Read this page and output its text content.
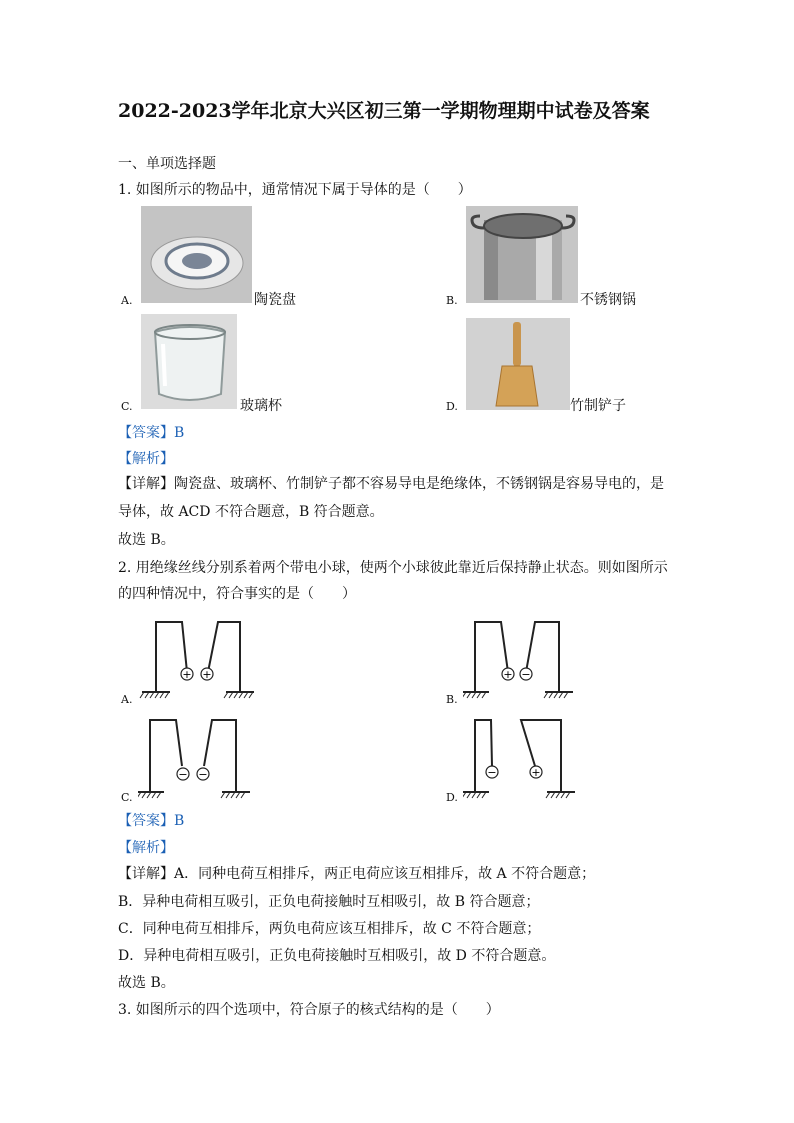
2022-2023学年北京大兴区初三第一学期物理期中试卷及答案
一、单项选择题
1. 如图所示的物品中，通常情况下属于导体的是（　　）
A.	陶瓷盘	B.	不锈钢锅
C.	玻璃杯	D.	竹制铲子
【答案】B
【解析】
【详解】陶瓷盘、玻璃杯、竹制铲子都不容易导电是绝缘体，不锈钢锅是容易导电的，是
导体，故 ACD 不符合题意，B 符合题意。
故选 B。
2. 用绝缘丝线分别系着两个带电小球，使两个小球彼此靠近后保持静止状态。则如图所示
的四种情况中，符合事实的是（　　）
A.
+ +
B.
+ −
C.
− −
D.
−	+
【答案】B
【解析】
【详解】A．同种电荷互相排斥，两正电荷应该互相排斥，故 A 不符合题意；
B．异种电荷相互吸引，正负电荷接触时互相吸引，故 B 符合题意；
C．同种电荷互相排斥，两负电荷应该互相排斥，故 C 不符合题意；
D．异种电荷相互吸引，正负电荷接触时互相吸引，故 D 不符合题意。
故选 B。
3. 如图所示的四个选项中，符合原子的核式结构的是（　　）
